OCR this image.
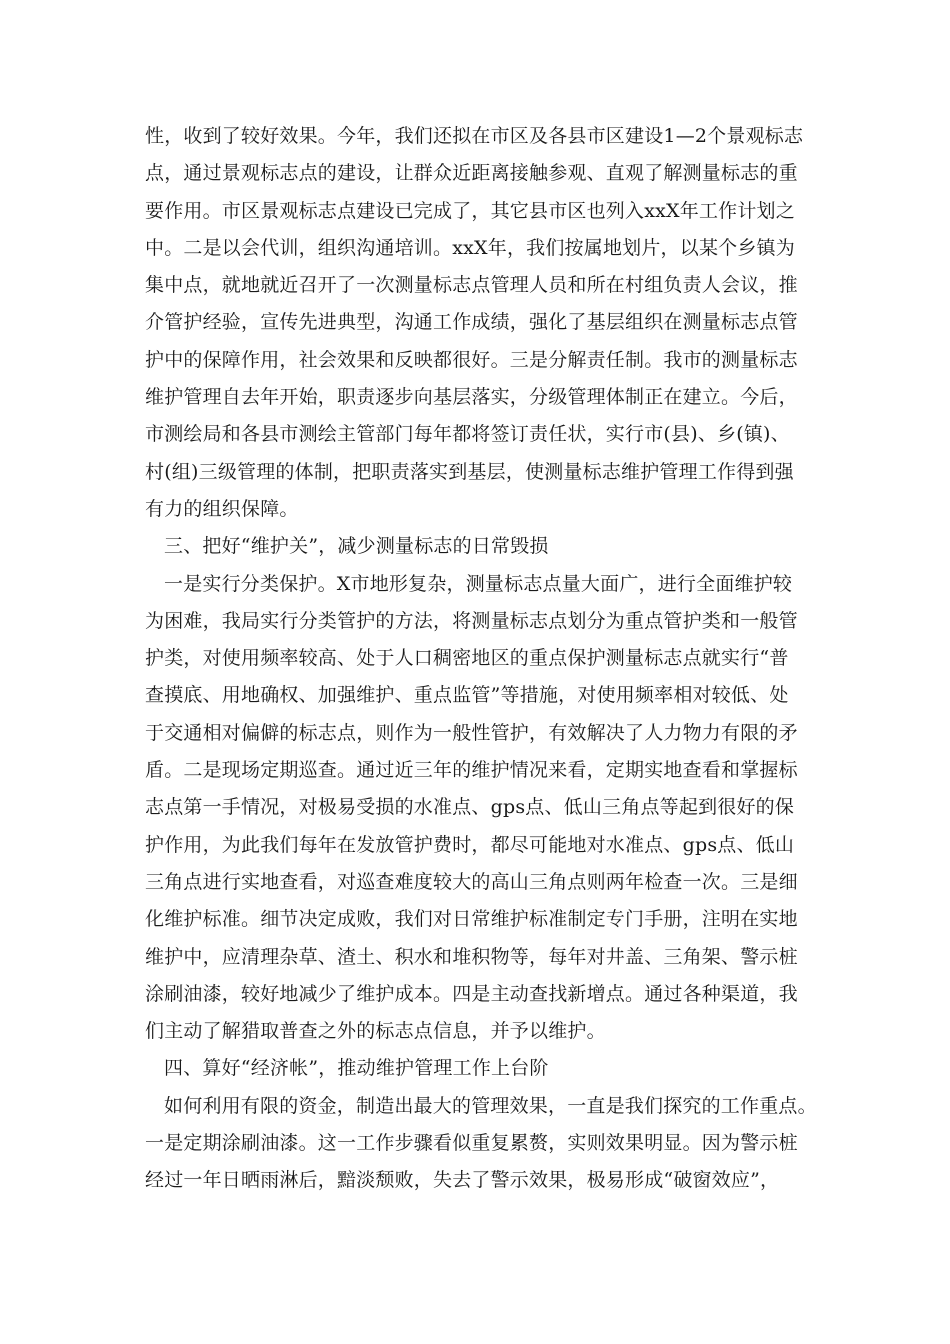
性，收到了较好效果。今年，我们还拟在市区及各县市区建设1—2个景观标志
点，通过景观标志点的建设，让群众近距离接触参观、直观了解测量标志的重
要作用。市区景观标志点建设已完成了，其它县市区也列入xxX年工作计划之
中。二是以会代训，组织沟通培训。xxX年，我们按属地划片，以某个乡镇为
集中点，就地就近召开了一次测量标志点管理人员和所在村组负责人会议，推
介管护经验，宣传先进典型，沟通工作成绩，强化了基层组织在测量标志点管
护中的保障作用，社会效果和反映都很好。三是分解责任制。我市的测量标志
维护管理自去年开始，职责逐步向基层落实，分级管理体制正在建立。今后，
市测绘局和各县市测绘主管部门每年都将签订责任状，实行市(县)、乡(镇)、
村(组)三级管理的体制，把职责落实到基层，使测量标志维护管理工作得到强
有力的组织保障。
三、把好“维护关”，减少测量标志的日常毁损
一是实行分类保护。X市地形复杂，测量标志点量大面广，进行全面维护较
为困难，我局实行分类管护的方法，将测量标志点划分为重点管护类和一般管
护类，对使用频率较高、处于人口稠密地区的重点保护测量标志点就实行“普
查摸底、用地确权、加强维护、重点监管”等措施，对使用频率相对较低、处
于交通相对偏僻的标志点，则作为一般性管护，有效解决了人力物力有限的矛
盾。二是现场定期巡查。通过近三年的维护情况来看，定期实地查看和掌握标
志点第一手情况，对极易受损的水准点、gps点、低山三角点等起到很好的保
护作用，为此我们每年在发放管护费时，都尽可能地对水准点、gps点、低山
三角点进行实地查看，对巡查难度较大的高山三角点则两年检查一次。三是细
化维护标准。细节决定成败，我们对日常维护标准制定专门手册，注明在实地
维护中，应清理杂草、渣土、积水和堆积物等，每年对井盖、三角架、警示桩
涂刷油漆，较好地减少了维护成本。四是主动查找新增点。通过各种渠道，我
们主动了解猎取普查之外的标志点信息，并予以维护。
四、算好“经济帐”，推动维护管理工作上台阶
如何利用有限的资金，制造出最大的管理效果，一直是我们探究的工作重点。
一是定期涂刷油漆。这一工作步骤看似重复累赘，实则效果明显。因为警示桩
经过一年日晒雨淋后，黯淡颓败，失去了警示效果，极易形成“破窗效应”，
